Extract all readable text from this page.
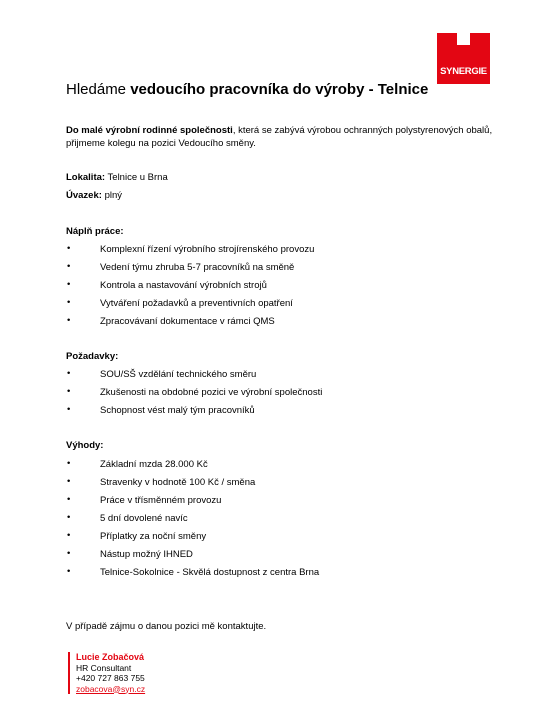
SYNERGIE
Hledáme vedoucího pracovníka do výroby - Telnice
Do malé výrobní rodinné společnosti, která se zabývá výrobou ochranných polystyrenových obalů, přijmeme kolegu na pozici Vedoucího směny.
Lokalita: Telnice u Brna
Úvazek: plný
Náplň práce:
•	Komplexní řízení výrobního strojírenského provozu
•	Vedení týmu zhruba 5-7 pracovníků na směně
•	Kontrola a nastavování výrobních strojů
•	Vytváření požadavků a preventivních opatření
•	Zpracovávaní dokumentace v rámci QMS
Požadavky:
•	SOU/SŠ vzdělání technického směru
•	Zkušenosti na obdobné pozici ve výrobní společnosti
•	Schopnost vést malý tým pracovníků
Výhody:
•	Základní mzda 28.000 Kč
•	Stravenky v hodnotě 100 Kč / směna
•	Práce v třísměnném provozu
•	5 dní dovolené navíc
•	Příplatky za noční směny
•	Nástup možný IHNED
•	Telnice-Sokolnice - Skvělá dostupnost z centra Brna
V případě zájmu o danou pozici mě kontaktujte.
Lucie Zobačová
HR Consultant
+420 727 863 755
zobacova@syn.cz
